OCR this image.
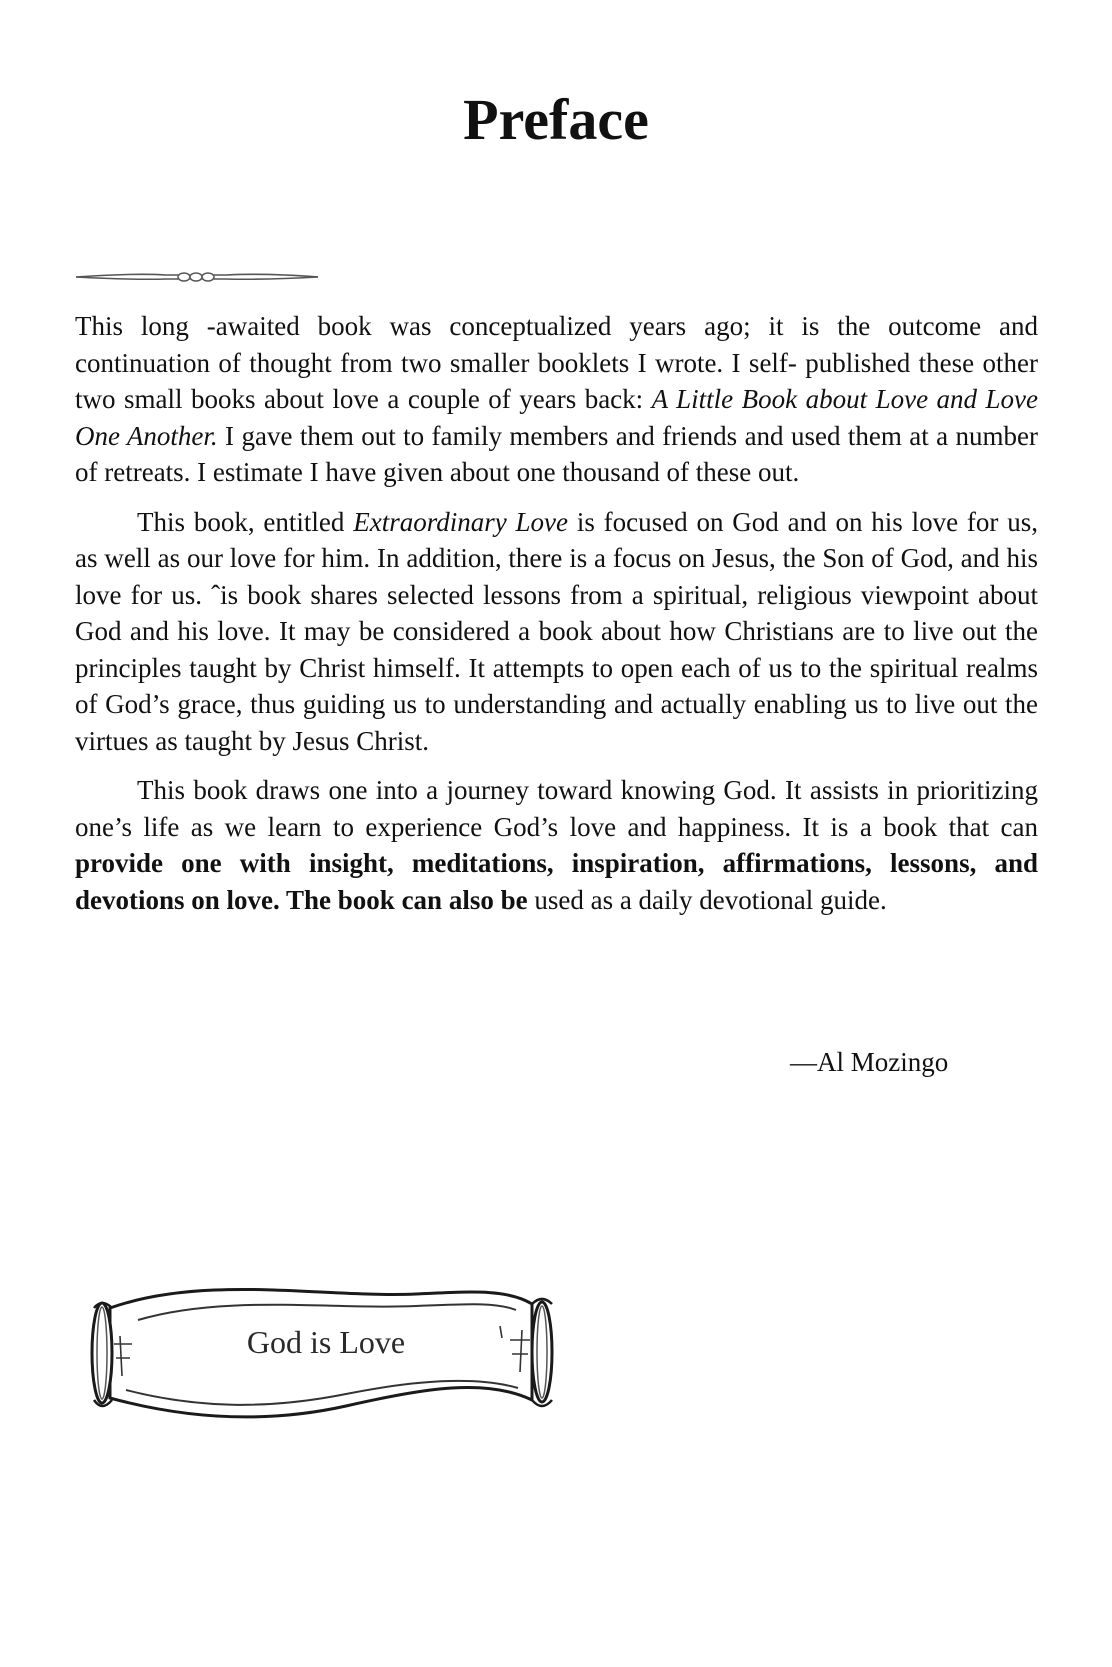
Preface

This long -awaited book was conceptualized years ago; it is the outcome and continuation of thought from two smaller booklets I wrote. I self- published these other two small books about love a couple of years back: A Little Book about Love and Love One Another. I gave them out to family members and friends and used them at a number of retreats. I estimate I have given about one thousand of these out.

This book, entitled Extraordinary Love is focused on God and on his love for us, as well as our love for him. In addition, there is a focus on Jesus, the Son of God, and his love for us. ˆis book shares selected lessons from a spiritual, religious viewpoint about God and his love. It may be considered a book about how Christians are to live out the principles taught by Christ himself. It attempts to open each of us to the spiritual realms of God’s grace, thus guiding us to understanding and actually enabling us to live out the virtues as taught by Jesus Christ.

This book draws one into a journey toward knowing God. It assists in prioritizing one’s life as we learn to experience God’s love and happiness. It is a book that can provide one with insight, meditations, inspiration, affirmations, lessons, and devotions on love. The book can also be used as a daily devotional guide.

—Al Mozingo
God is Love
